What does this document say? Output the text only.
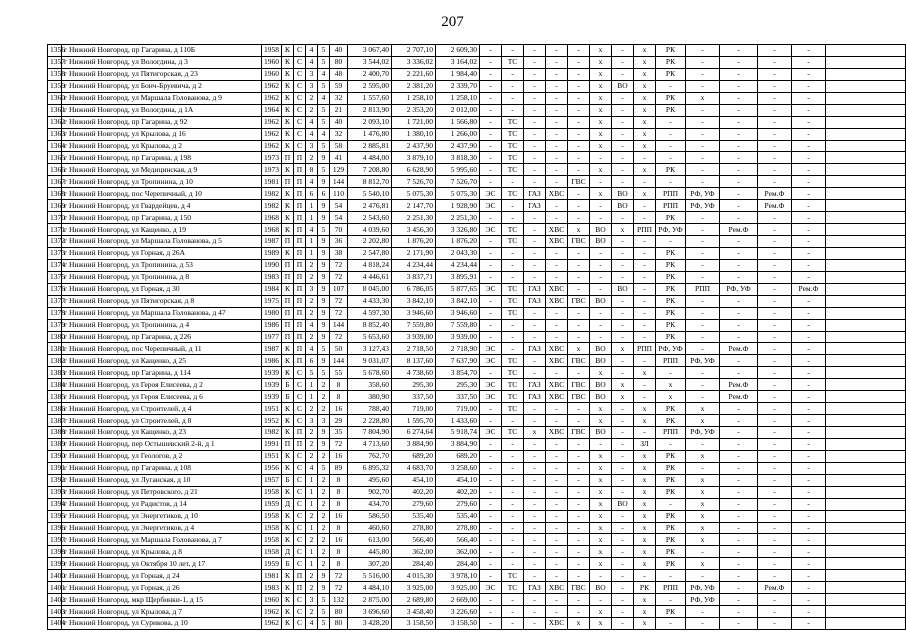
207
1356	г Нижний Новгород, пр Гагарина, д 110Б	1958	К	С	4	5	40	3 067,40	2 707,10	2 609,30	-	-	-	-	-	х	-	х	РК	-	-	-	-	
1357	г Нижний Новгород, ул Вологдина, д 3	1960	К	С	4	5	80	3 544,02	3 336,02	3 164,02	-	ТС	-	-	-	х	-	х	РК	-	-	-	-	
1358	г Нижний Новгород, ул Пятигорская, д 23	1960	К	С	3	4	48	2 400,70	2 221,60	1 984,40	-	-	-	-	-	х	-	х	РК	-	-	-	-	
1359	г Нижний Новгород, ул Бонч-Бруевича, д 2	1962	К	С	3	5	59	2 595,00	2 381,20	2 339,70	-	-	-	-	-	х	ВО	х	-	-	-	-	-	
1360	г Нижний Новгород, ул Маршала Голованова, д 9	1962	К	С	2	4	32	1 557,60	1 258,10	1 258,10	-	-	-	-	-	х	-	х	РК	х	-	-	-	
1361	г Нижний Новгород, ул Вологдина, д 1А	1964	К	С	2	5	21	2 813,90	2 353,20	2 012,00	-	-	-	-	-	х	-	х	РК	-	-	-	-	
1362	г Нижний Новгород, пр Гагарина, д 92	1962	К	С	4	5	40	2 093,10	1 721,00	1 566,80	-	ТС	-	-	-	х	-	х	-	-	-	-	-	
1363	г Нижний Новгород, ул Крылова, д 16	1962	К	С	4	4	32	1 476,80	1 380,10	1 266,00	-	ТС	-	-	-	х	-	х	-	-	-	-	-	
1364	г Нижний Новгород, ул Крылова, д 2	1962	К	С	3	5	58	2 885,81	2 437,90	2 437,90	-	ТС	-	-	-	х	-	х	-	-	-	-	-	
1365	г Нижний Новгород, пр Гагарина, д 198	1973	П	П	2	9	41	4 484,00	3 879,10	3 818,30	-	ТС	-	-	-	-	-	-	-	-	-	-	-	
1366	г Нижний Новгород, ул Медицинская, д 9	1973	К	П	8	5	129	7 208,80	6 628,90	5 995,60	-	ТС	-	-	-	х	-	х	РК	-	-	-	-	
1367	г Нижний Новгород, ул Тропинина, д 10	1981	П	П	4	9	144	8 812,70	7 526,70	7 526,70	-	-	-	-	ГВС	-	-	-	-	-	-	-	-	
1368	г Нижний Новгород, пос Черепичный, д 10	1982	К	П	6	6	110	5 540,10	5 075,30	5 075,30	ЭС	ТС	ГАЗ	ХВС	-	х	ВО	х	РПП	РФ, УФ	-	Рем.Ф	-	
1369	г Нижний Новгород, ул Гвардейцев, д 4	1982	К	П	1	9	54	2 476,81	2 147,70	1 928,90	ЭС	-	ГАЗ	-	-	-	ВО	-	РПП	РФ, УФ	-	Рем.Ф	-	
1370	г Нижний Новгород, пр Гагарина, д 150	1968	К	П	1	9	54	2 543,60	2 251,30	2 251,30	-	-	-	-	-	-	-	-	РК	-	-	-	-	
1371	г Нижний Новгород, ул Кащенко, д 19	1968	К	П	4	5	70	4 039,60	3 456,30	3 326,80	ЭС	ТС	-	ХВС	х	ВО	х	РПП	РФ, УФ	-	Рем.Ф	-	-	
1372	г Нижний Новгород, ул Маршала Голованова, д 5	1987	П	П	1	9	36	2 202,80	1 876,20	1 876,20	-	ТС	-	ХВС	ГВС	ВО	-	-	-	-	-	-	-	
1373	г Нижний Новгород, ул Горная, д 26А	1989	К	П	1	9	38	2 547,80	2 171,90	2 043,30	-	-	-	-	-	-	-	-	РК	-	-	-	-	
1374	г Нижний Новгород, ул Тропинина, д 53	1990	П	П	2	9	72	4 818,24	4 234,44	4 234,44	-	-	-	-	-	-	-	-	РК	-	-	-	-	
1375	г Нижний Новгород, ул Тропинина, д 8	1983	П	П	2	9	72	4 446,61	3 837,71	3 895,91	-	-	-	-	-	-	-	-	РК	-	-	-	-	
1376	г Нижний Новгород, ул Горная, д 30	1984	К	П	3	9	107	8 045,00	6 786,05	5 877,65	ЭС	ТС	ГАЗ	ХВС	-	-	ВО	-	РК	РПП	РФ, УФ	-	Рем.Ф	
1377	г Нижний Новгород, ул Пятигорская, д 8	1975	П	П	2	9	72	4 433,30	3 842,10	3 842,10	-	ТС	ГАЗ	ХВС	ГВС	ВО	-	-	РК	-	-	-	-	
1378	г Нижний Новгород, ул Маршала Голованова, д 47	1980	П	П	2	9	72	4 597,30	3 946,60	3 946,60	-	ТС	-	-	-	-	-	-	РК	-	-	-	-	
1379	г Нижний Новгород, ул Тропинина, д 4	1986	П	П	4	9	144	8 852,40	7 559,80	7 559,80	-	-	-	-	-	-	-	-	РК	-	-	-	-	
1380	г Нижний Новгород, пр Гагарина, д 226	1977	П	П	2	9	72	5 653,60	3 939,00	3 939,00	-	-	-	-	-	-	-	-	РК	-	-	-	-	
1381	г Нижний Новгород, пос Черепичный, д 11	1987	К	П	4	5	50	3 127,43	2 718,50	2 718,90	ЭС	-	ГАЗ	ХВС	х	ВО	х	РПП	РФ, УФ	-	Рем.Ф	-	-	
1382	г Нижний Новгород, ул Кащенко, д 25	1986	К	П	6	9	144	9 031,07	8 137,60	7 637,90	ЭС	ТС	-	ХВС	ГВС	ВО	-	-	РПП	РФ, УФ	-	-	-	
1383	г Нижний Новгород, пр Гагарина, д 114	1939	К	С	5	5	55	5 678,60	4 738,60	3 854,70	-	ТС	-	-	-	х	-	х	-	-	-	-	-	
1384	г Нижний Новгород, ул Героя Елисеева, д 2	1939	Б	С	1	2	8	358,60	295,30	295,30	ЭС	ТС	ГАЗ	ХВС	ГВС	ВО	х	-	х	-	Рем.Ф	-	-	
1385	г Нижний Новгород, ул Героя Елисеева, д 6	1939	Б	С	1	2	8	380,90	337,50	337,50	ЭС	ТС	ГАЗ	ХВС	ГВС	ВО	х	-	х	-	Рем.Ф	-	-	
1386	г Нижний Новгород, ул Строителей, д 4	1951	К	С	2	2	16	788,40	719,00	719,00	-	ТС	-	-	-	х	-	х	РК	х	-	-	-	
1387	г Нижний Новгород, ул Строителей, д 8	1952	К	С	3	3	29	2 228,80	1 595,70	1 433,60	-	-	-	-	-	х	-	х	РК	х	-	-	-	
1388	г Нижний Новгород, ул Кащенко, д 23	1982	К	П	2	9	35	7 804,90	6 274,64	5 918,74	ЭС	ТС	х	ХВС	ГВС	ВО	-	-	РПП	РФ, УФ	-	-	-	
1389	г Нижний Новгород, пер Остышевский 2-й, д 1	1991	П	П	2	9	72	4 713,60	3 884,90	3 884,90	-	-	-	-	-	-	-	ЗЛ	-	-	-	-	-	
1390	г Нижний Новгород, ул Геологов, д 2	1951	К	С	2	2	16	762,70	689,20	689,20	-	-	-	-	-	х	-	х	РК	х	-	-	-	
1391	г Нижний Новгород, пр Гагарина, д 108	1956	К	С	4	5	89	6 895,32	4 683,70	3 258,60	-	-	-	-	-	х	-	х	РК	-	-	-	-	
1392	г Нижний Новгород, ул Луганская, д 10	1957	Б	С	1	2	8	495,60	454,10	454,10	-	-	-	-	-	х	-	х	РК	х	-	-	-	
1393	г Нижний Новгород, ул Петровского, д 21	1958	К	С	1	2	8	902,70	402,20	402,20	-	-	-	-	-	х	-	х	РК	х	-	-	-	
1394	г Нижний Новгород, ул Радистов, д 14	1959	Д	С	1	2	8	434,70	279,60	279,60	-	-	-	-	-	х	ВО	х	-	х	-	-	-	
1395	г Нижний Новгород, ул Энергетиков, д 10	1958	К	С	2	2	16	586,50	535,40	535,40	-	-	-	-	-	х	-	х	РК	х	-	-	-	
1396	г Нижний Новгород, ул Энергетиков, д 4	1958	К	С	1	2	8	460,60	278,80	278,80	-	-	-	-	-	х	-	х	РК	х	-	-	-	
1397	г Нижний Новгород, ул Маршала Голованова, д 7	1958	К	С	2	2	16	613,00	566,40	566,40	-	-	-	-	-	х	-	х	РК	х	-	-	-	
1398	г Нижний Новгород, ул Крылова, д 8	1958	Д	С	1	2	8	445,80	362,00	362,00	-	-	-	-	-	х	-	х	РК	-	-	-	-	
1399	г Нижний Новгород, ул Октября 10 лет, д 17	1959	Б	С	1	2	8	307,20	284,40	284,40	-	-	-	-	-	х	-	х	РК	х	-	-	-	
1400	г Нижний Новгород, ул Горная, д 24	1981	К	П	2	9	72	5 516,00	4 015,30	3 978,10	-	ТС	-	-	-	-	-	-	-	-	-	-	-	
1401	г Нижний Новгород, ул Горная, д 26	1983	К	П	2	9	72	4 484,10	3 925,00	3 925,00	ЭС	ТС	ГАЗ	ХВС	ГВС	ВО	-	РК	РПП	РФ, УФ	-	Рем.Ф	-	
1402	г Нижний Новгород, мкр Щербинки-1, д 15	1960	К	С	3	5	132	2 875,00	2 689,80	2 669,00	-	-	-	-	-	-	-	х	-	РФ, УФ	-	-	-	
1403	г Нижний Новгород, ул Крылова, д 7	1962	К	С	2	5	80	3 696,60	3 458,40	3 226,60	-	-	-	-	-	х	-	х	РК	-	-	-	-	
1404	г Нижний Новгород, ул Сурикова, д 10	1962	К	С	4	5	80	3 428,20	3 158,50	3 158,50	-	-	-	ХВС	х	х	-	х	-	-	-	-	-	
